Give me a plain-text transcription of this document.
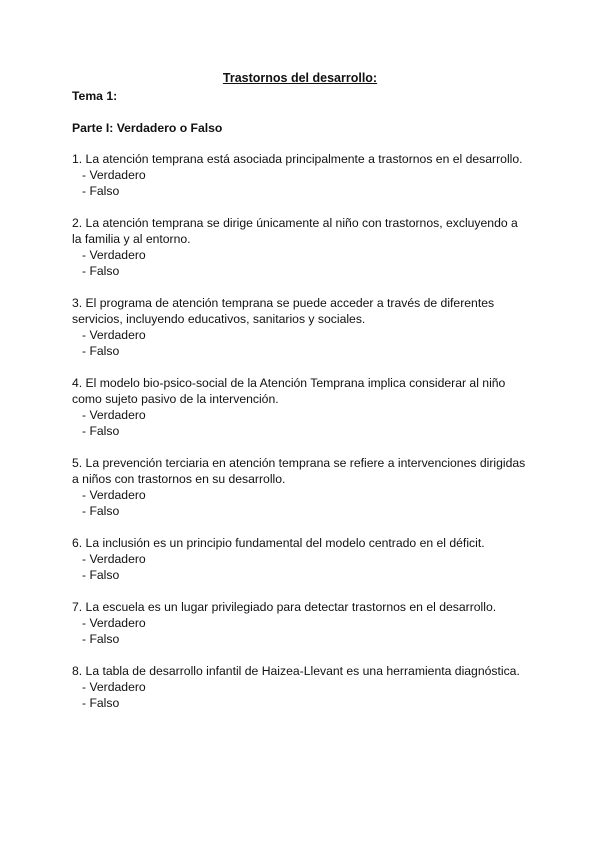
Trastornos del desarrollo:
Tema 1:
Parte I: Verdadero o Falso
1. La atención temprana está asociada principalmente a trastornos en el desarrollo.
- Verdadero
- Falso
2. La atención temprana se dirige únicamente al niño con trastornos, excluyendo a
la familia y al entorno.
- Verdadero
- Falso
3. El programa de atención temprana se puede acceder a través de diferentes
servicios, incluyendo educativos, sanitarios y sociales.
- Verdadero
- Falso
4. El modelo bio-psico-social de la Atención Temprana implica considerar al niño
como sujeto pasivo de la intervención.
- Verdadero
- Falso
5. La prevención terciaria en atención temprana se refiere a intervenciones dirigidas
a niños con trastornos en su desarrollo.
- Verdadero
- Falso
6. La inclusión es un principio fundamental del modelo centrado en el déficit.
- Verdadero
- Falso
7. La escuela es un lugar privilegiado para detectar trastornos en el desarrollo.
- Verdadero
- Falso
8. La tabla de desarrollo infantil de Haizea-Llevant es una herramienta diagnóstica.
- Verdadero
- Falso
